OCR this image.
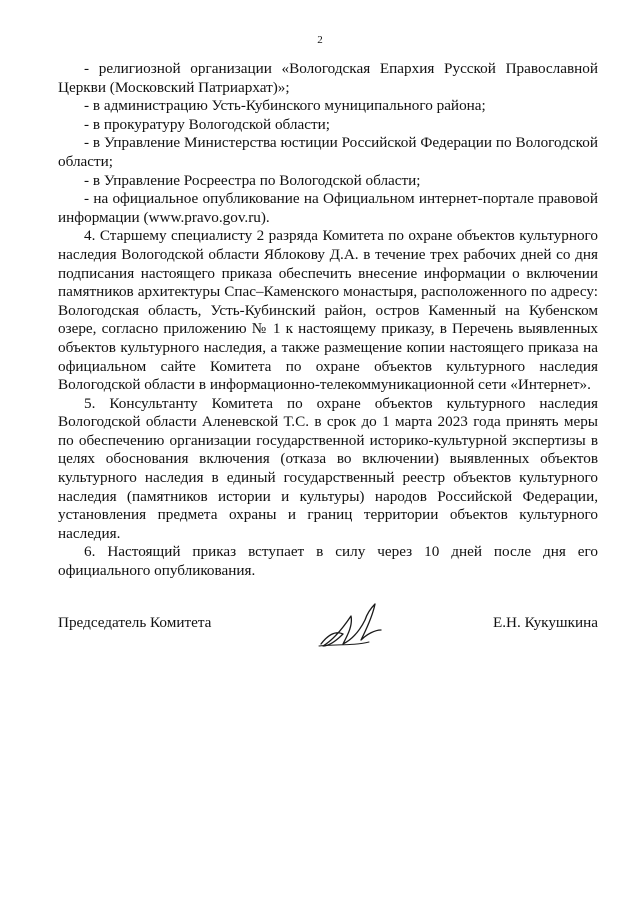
2

- религиозной организации «Вологодская Епархия Русской Православной Церкви (Московский Патриархат)»;

- в администрацию Усть-Кубинского муниципального района;

- в прокуратуру Вологодской области;

- в Управление Министерства юстиции Российской Федерации по Вологодской области;

- в Управление Росреестра по Вологодской области;

- на официальное опубликование на Официальном интернет-портале правовой информации (www.pravo.gov.ru).

4. Старшему специалисту 2 разряда Комитета по охране объектов культурного наследия Вологодской области Яблокову Д.А. в течение трех рабочих дней со дня подписания настоящего приказа обеспечить внесение информации о включении памятников архитектуры Спас–Каменского монастыря, расположенного по адресу: Вологодская область, Усть-Кубинский район, остров Каменный на Кубенском озере, согласно приложению № 1 к настоящему приказу, в Перечень выявленных объектов культурного наследия, а также размещение копии настоящего приказа на официальном сайте Комитета по охране объектов культурного наследия Вологодской области в информационно-телекоммуникационной сети «Интернет».

5. Консультанту Комитета по охране объектов культурного наследия Вологодской области Аленевской Т.С. в срок до 1 марта 2023 года принять меры по обеспечению организации государственной историко-культурной экспертизы в целях обоснования включения (отказа во включении) выявленных объектов культурного наследия в единый государственный реестр объектов культурного наследия (памятников истории и культуры) народов Российской Федерации, установления предмета охраны и границ территории объектов культурного наследия.

6. Настоящий приказ вступает в силу через 10 дней после дня его официального опубликования.

Председатель Комитета	Е.Н. Кукушкина
